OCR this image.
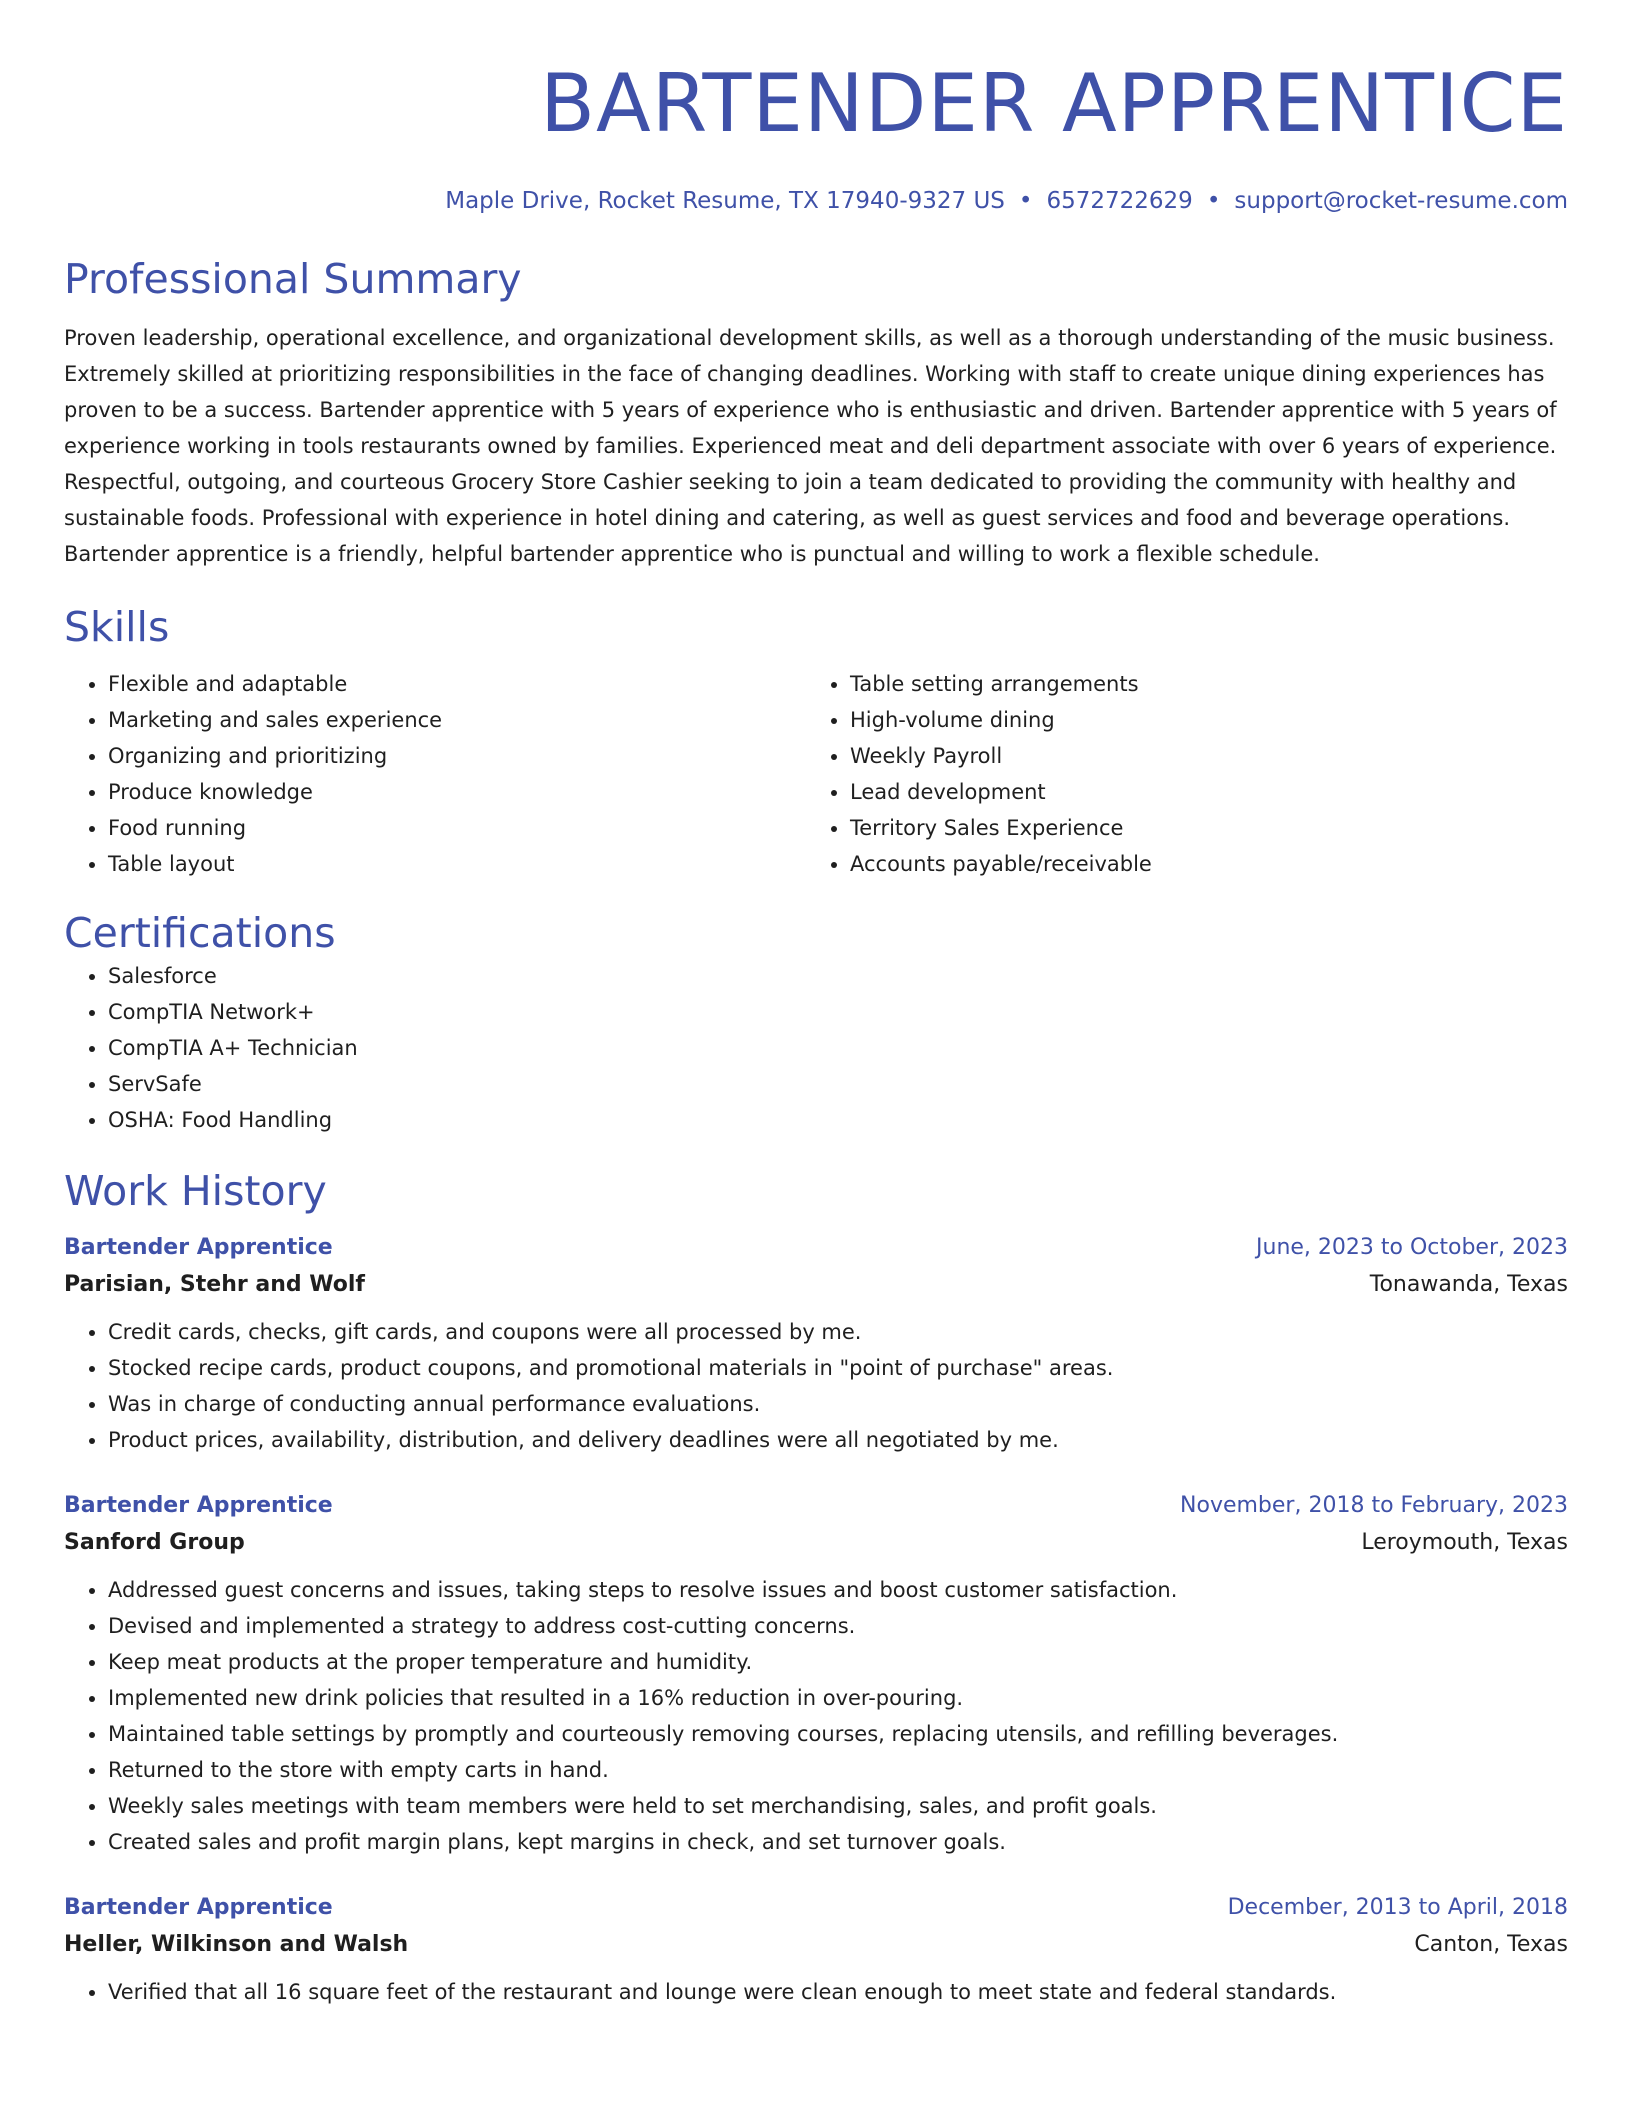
BARTENDER APPRENTICE
Maple Drive, Rocket Resume, TX 17940-9327 US • 6572722629 • support@rocket-resume.com
Professional Summary
Proven leadership, operational excellence, and organizational development skills, as well as a thorough understanding of the music business. Extremely skilled at prioritizing responsibilities in the face of changing deadlines. Working with staff to create unique dining experiences has proven to be a success. Bartender apprentice with 5 years of experience who is enthusiastic and driven. Bartender apprentice with 5 years of experience working in tools restaurants owned by families. Experienced meat and deli department associate with over 6 years of experience. Respectful, outgoing, and courteous Grocery Store Cashier seeking to join a team dedicated to providing the community with healthy and sustainable foods. Professional with experience in hotel dining and catering, as well as guest services and food and beverage operations. Bartender apprentice is a friendly, helpful bartender apprentice who is punctual and willing to work a flexible schedule.
Skills
• Flexible and adaptable
• Marketing and sales experience
• Organizing and prioritizing
• Produce knowledge
• Food running
• Table layout
• Table setting arrangements
• High-volume dining
• Weekly Payroll
• Lead development
• Territory Sales Experience
• Accounts payable/receivable
Certifications
• Salesforce
• CompTIA Network+
• CompTIA A+ Technician
• ServSafe
• OSHA: Food Handling
Work History
Bartender Apprentice	June, 2023 to October, 2023
Parisian, Stehr and Wolf	Tonawanda, Texas
• Credit cards, checks, gift cards, and coupons were all processed by me.
• Stocked recipe cards, product coupons, and promotional materials in "point of purchase" areas.
• Was in charge of conducting annual performance evaluations.
• Product prices, availability, distribution, and delivery deadlines were all negotiated by me.
Bartender Apprentice	November, 2018 to February, 2023
Sanford Group	Leroymouth, Texas
• Addressed guest concerns and issues, taking steps to resolve issues and boost customer satisfaction.
• Devised and implemented a strategy to address cost-cutting concerns.
• Keep meat products at the proper temperature and humidity.
• Implemented new drink policies that resulted in a 16% reduction in over-pouring.
• Maintained table settings by promptly and courteously removing courses, replacing utensils, and refilling beverages.
• Returned to the store with empty carts in hand.
• Weekly sales meetings with team members were held to set merchandising, sales, and profit goals.
• Created sales and profit margin plans, kept margins in check, and set turnover goals.
Bartender Apprentice	December, 2013 to April, 2018
Heller, Wilkinson and Walsh	Canton, Texas
• Verified that all 16 square feet of the restaurant and lounge were clean enough to meet state and federal standards.
